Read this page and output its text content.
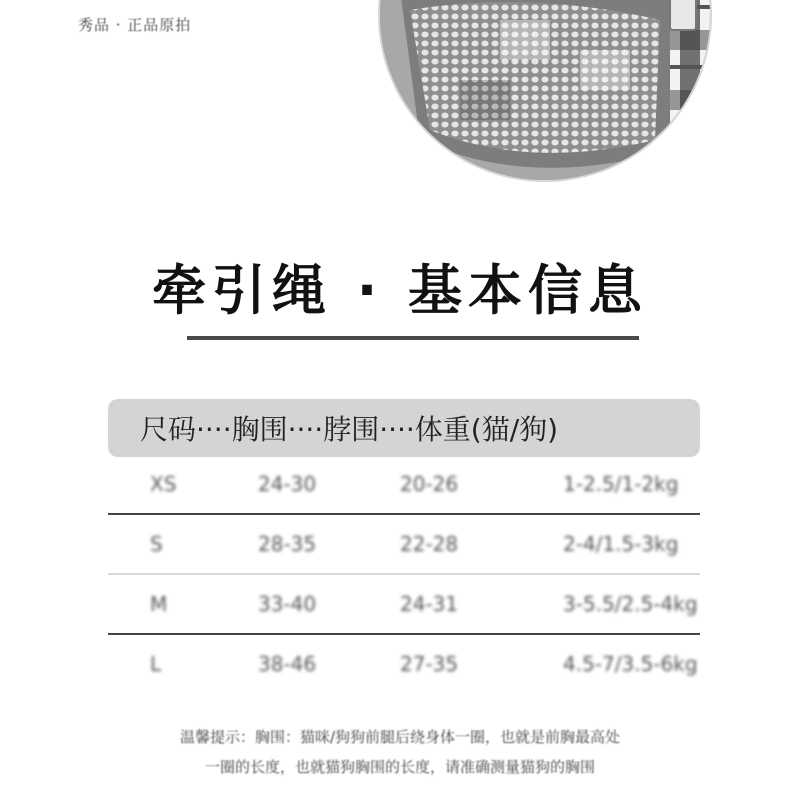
秀品 · 正品原拍
牵引绳 · 基本信息
尺码····胸围····脖围····体重(猫/狗)
XS	24-30	20-26	1-2.5/1-2kg
S	28-35	22-28	2-4/1.5-3kg
M	33-40	24-31	3-5.5/2.5-4kg
L	38-46	27-35	4.5-7/3.5-6kg
温馨提示：胸围：猫咪/狗狗前腿后绕身体一圈，也就是前胸最高处
一圈的长度，也就猫狗胸围的长度，请准确测量猫狗的胸围
